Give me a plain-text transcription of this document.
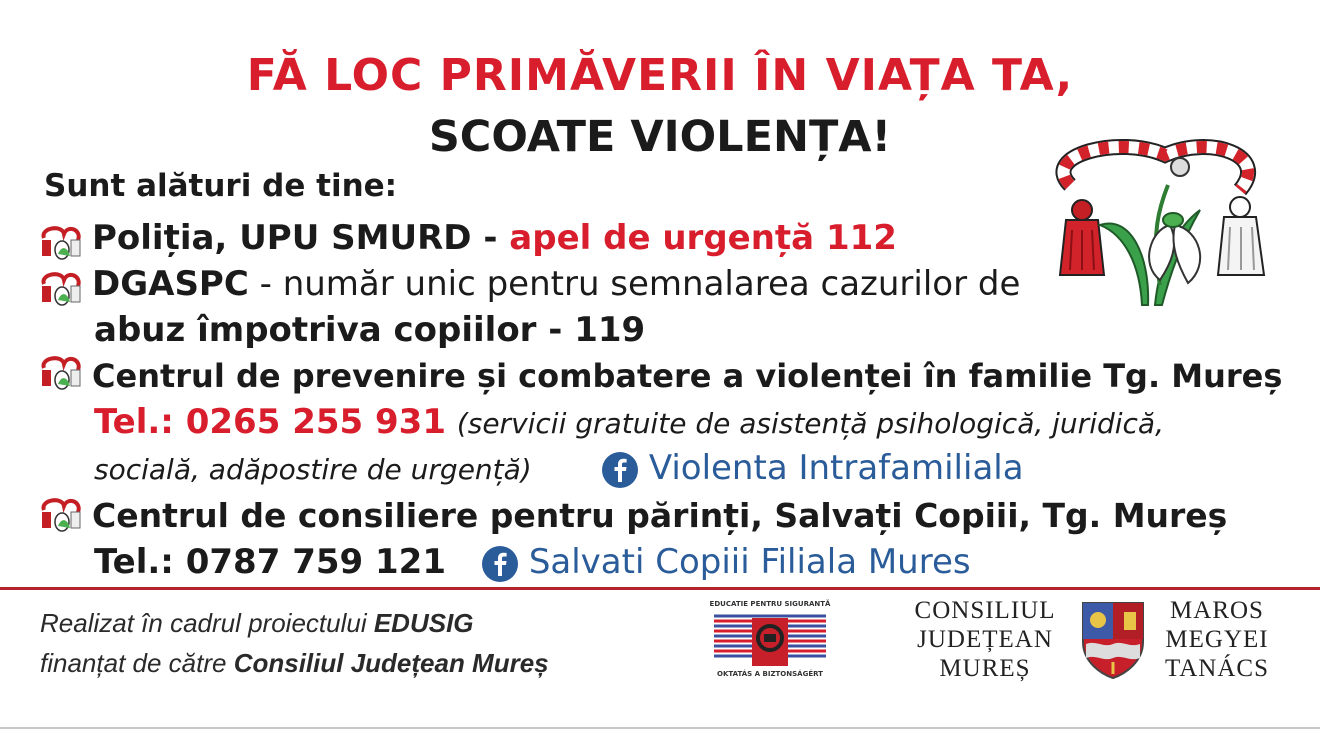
FĂ LOC PRIMĂVERII ÎN VIAȚA TA,
SCOATE VIOLENȚA!
Sunt alături de tine:
Poliția, UPU SMURD - apel de urgență 112
DGASPC - număr unic pentru semnalarea cazurilor de
abuz împotriva copiilor - 119
Centrul de prevenire și combatere a violenței în familie Tg. Mureș
Tel.: 0265 255 931 (servicii gratuite de asistență psihologică, juridică,
socială, adăpostire de urgență)	Violenta Intrafamiliala
Centrul de consiliere pentru părinți, Salvați Copiii, Tg. Mureș
Tel.: 0787 759 121	Salvati Copiii Filiala Mures
Realizat în cadrul proiectului EDUSIG
finanțat de către Consiliul Județean Mureș
EDUCATIE PENTRU SIGURANTĂ
OKTATÁS A BIZTONSÁGÉRT
CONSILIUL
JUDEȚEAN
MUREȘ
MAROS
MEGYEI
TANÁCS
